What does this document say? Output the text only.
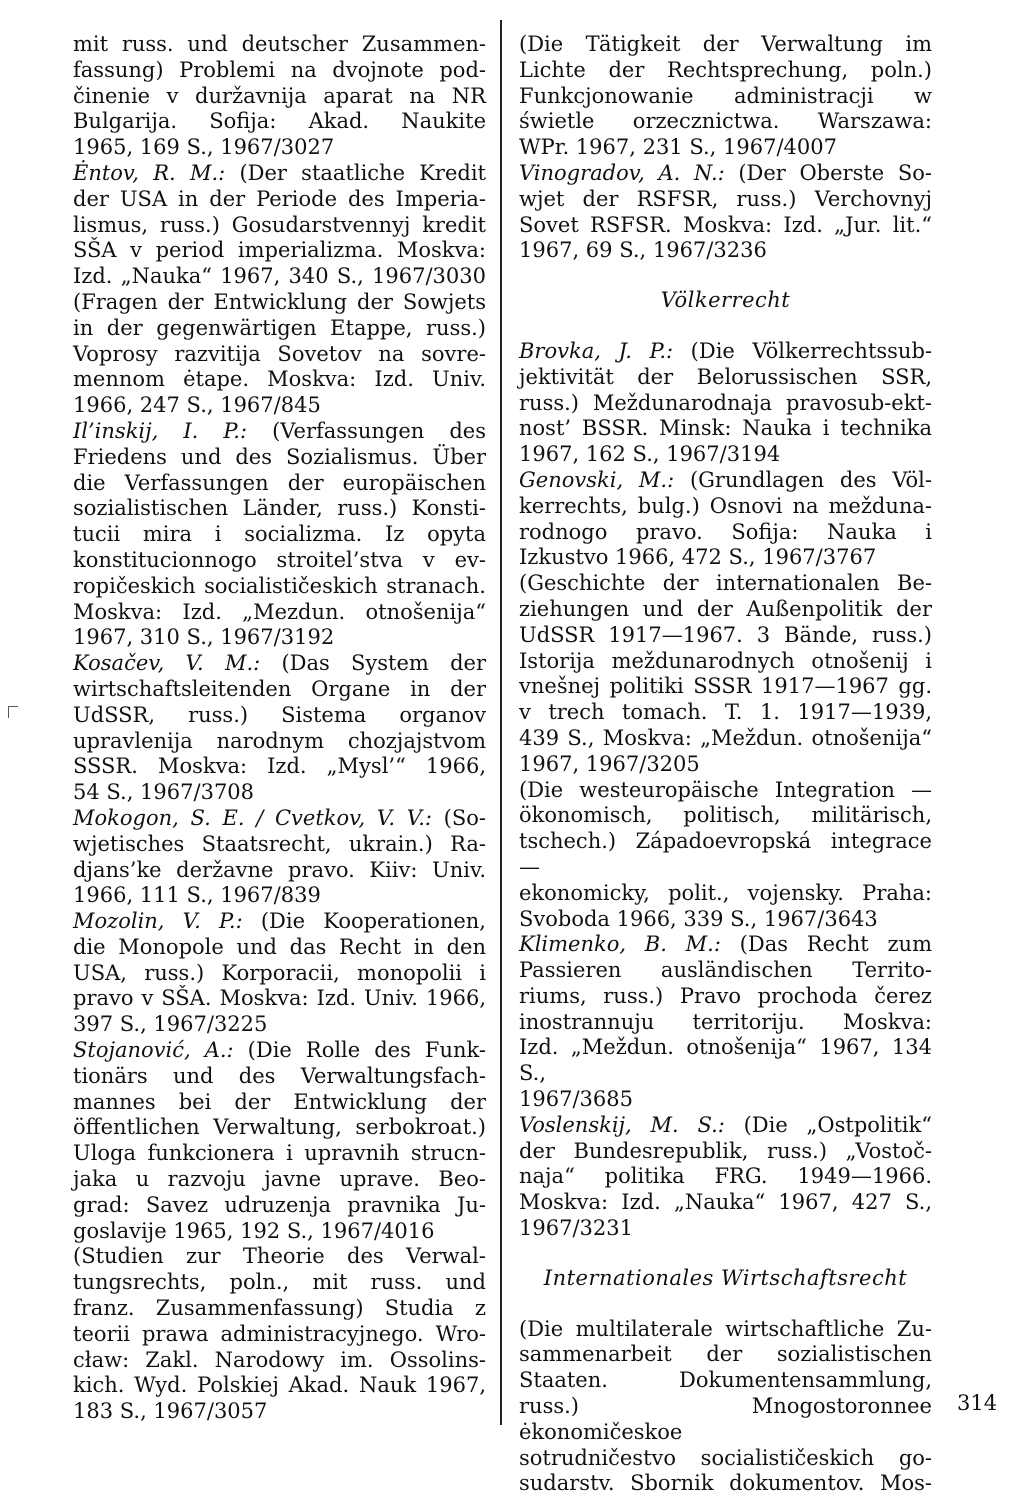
mit russ. und deutscher Zusammen-
fassung) Problemi na dvojnote pod-
činenie v duržavnija aparat na NR
Bulgarijа. Sofija: Akad. Naukite
1965, 169 S., 1967/3027
Ėntov, R. M.: (Der staatliche Kredit
der USA in der Periode des Imperia-
lismus, russ.) Gosudarstvennyj kredit
SŠA v period imperializma. Moskva:
Izd. „Nauka“ 1967, 340 S., 1967/3030
(Fragen der Entwicklung der Sowjets
in der gegenwärtigen Etappe, russ.)
Voprosy razvitija Sovetov na sovre-
mennom ėtape. Moskva: Izd. Univ.
1966, 247 S., 1967/845
Il’inskij, I. P.: (Verfassungen des
Friedens und des Sozialismus. Über
die Verfassungen der europäischen
sozialistischen Länder, russ.) Konsti-
tucii mira i socializma. Iz opyta
konstitucionnogo stroitel’stva v ev-
ropičeskich socialističeskich stranach.
Moskva: Izd. „Mezdun. otnošenija“
1967, 310 S., 1967/3192
Kosačev, V. M.: (Das System der
wirtschaftsleitenden Organe in der
UdSSR, russ.) Sistema organov
upravlenija narodnym chozjajstvom
SSSR. Moskva: Izd. „Mysl’“ 1966,
54 S., 1967/3708
Mokogon, S. E. / Cvetkov, V. V.: (So-
wjetisches Staatsrecht, ukrain.) Ra-
djans’ke deržavne pravo. Kiiv: Univ.
1966, 111 S., 1967/839
Mozolin, V. P.: (Die Kooperationen,
die Monopole und das Recht in den
USA, russ.) Korporacii, monopolii i
pravo v SŠA. Moskva: Izd. Univ. 1966,
397 S., 1967/3225
Stojanović, A.: (Die Rolle des Funk-
tionärs und des Verwaltungsfach-
mannes bei der Entwicklung der
öffentlichen Verwaltung, serbokroat.)
Uloga funkcionera i upravnih strucn-
jaka u razvoju javne uprave. Beo-
grad: Savez udruzenja pravnika Ju-
goslavije 1965, 192 S., 1967/4016
(Studien zur Theorie des Verwal-
tungsrechts, poln., mit russ. und
franz. Zusammenfassung) Studia z
teorii prawa administracyjnego. Wro-
cław: Zakl. Narodowy im. Ossolins-
kich. Wyd. Polskiej Akad. Nauk 1967,
183 S., 1967/3057
(Die Tätigkeit der Verwaltung im
Lichte der Rechtsprechung, poln.)
Funkcjonowanie administracji w
świetle orzecznictwa. Warszawa:
WPr. 1967, 231 S., 1967/4007
Vinogradov, A. N.: (Der Oberste So-
wjet der RSFSR, russ.) Verchovnyj
Sovet RSFSR. Moskva: Izd. „Jur. lit.“
1967, 69 S., 1967/3236
Völkerrecht
Brovka, J. P.: (Die Völkerrechtssub-
jektivität der Belorussischen SSR,
russ.) Meždunarodnaja pravosub-ekt-
nost’ BSSR. Minsk: Nauka i technika
1967, 162 S., 1967/3194
Genovski, M.: (Grundlagen des Völ-
kerrechts, bulg.) Osnovi na mežduna-
rodnogo pravo. Sofija: Nauka i
Izkustvo 1966, 472 S., 1967/3767
(Geschichte der internationalen Be-
ziehungen und der Außenpolitik der
UdSSR 1917—1967. 3 Bände, russ.)
Istorija meždunarodnych otnošenij i
vnešnej politiki SSSR 1917—1967 gg.
v trech tomach. T. 1. 1917—1939,
439 S., Moskva: „Meždun. otnošenija“
1967, 1967/3205
(Die westeuropäische Integration —
ökonomisch, politisch, militärisch,
tschech.) Západoevropská integrace —
ekonomicky, polit., vojensky. Praha:
Svoboda 1966, 339 S., 1967/3643
Klimenko, B. M.: (Das Recht zum
Passieren ausländischen Territo-
riums, russ.) Pravo prochoda čerez
inostrannuju territoriju. Moskva:
Izd. „Meždun. otnošenija“ 1967, 134 S.,
1967/3685
Voslenskij, M. S.: (Die „Ostpolitik“
der Bundesrepublik, russ.) „Vostoč-
naja“ politika FRG. 1949—1966.
Moskva: Izd. „Nauka“ 1967, 427 S.,
1967/3231
Internationales Wirtschaftsrecht
(Die multilaterale wirtschaftliche Zu-
sammenarbeit der sozialistischen
Staaten. Dokumentensammlung,
russ.) Mnogostoronnee ėkonomičeskoe
sotrudničestvo socialističeskich go-
sudarstv. Sbornik dokumentov. Mos-
314
